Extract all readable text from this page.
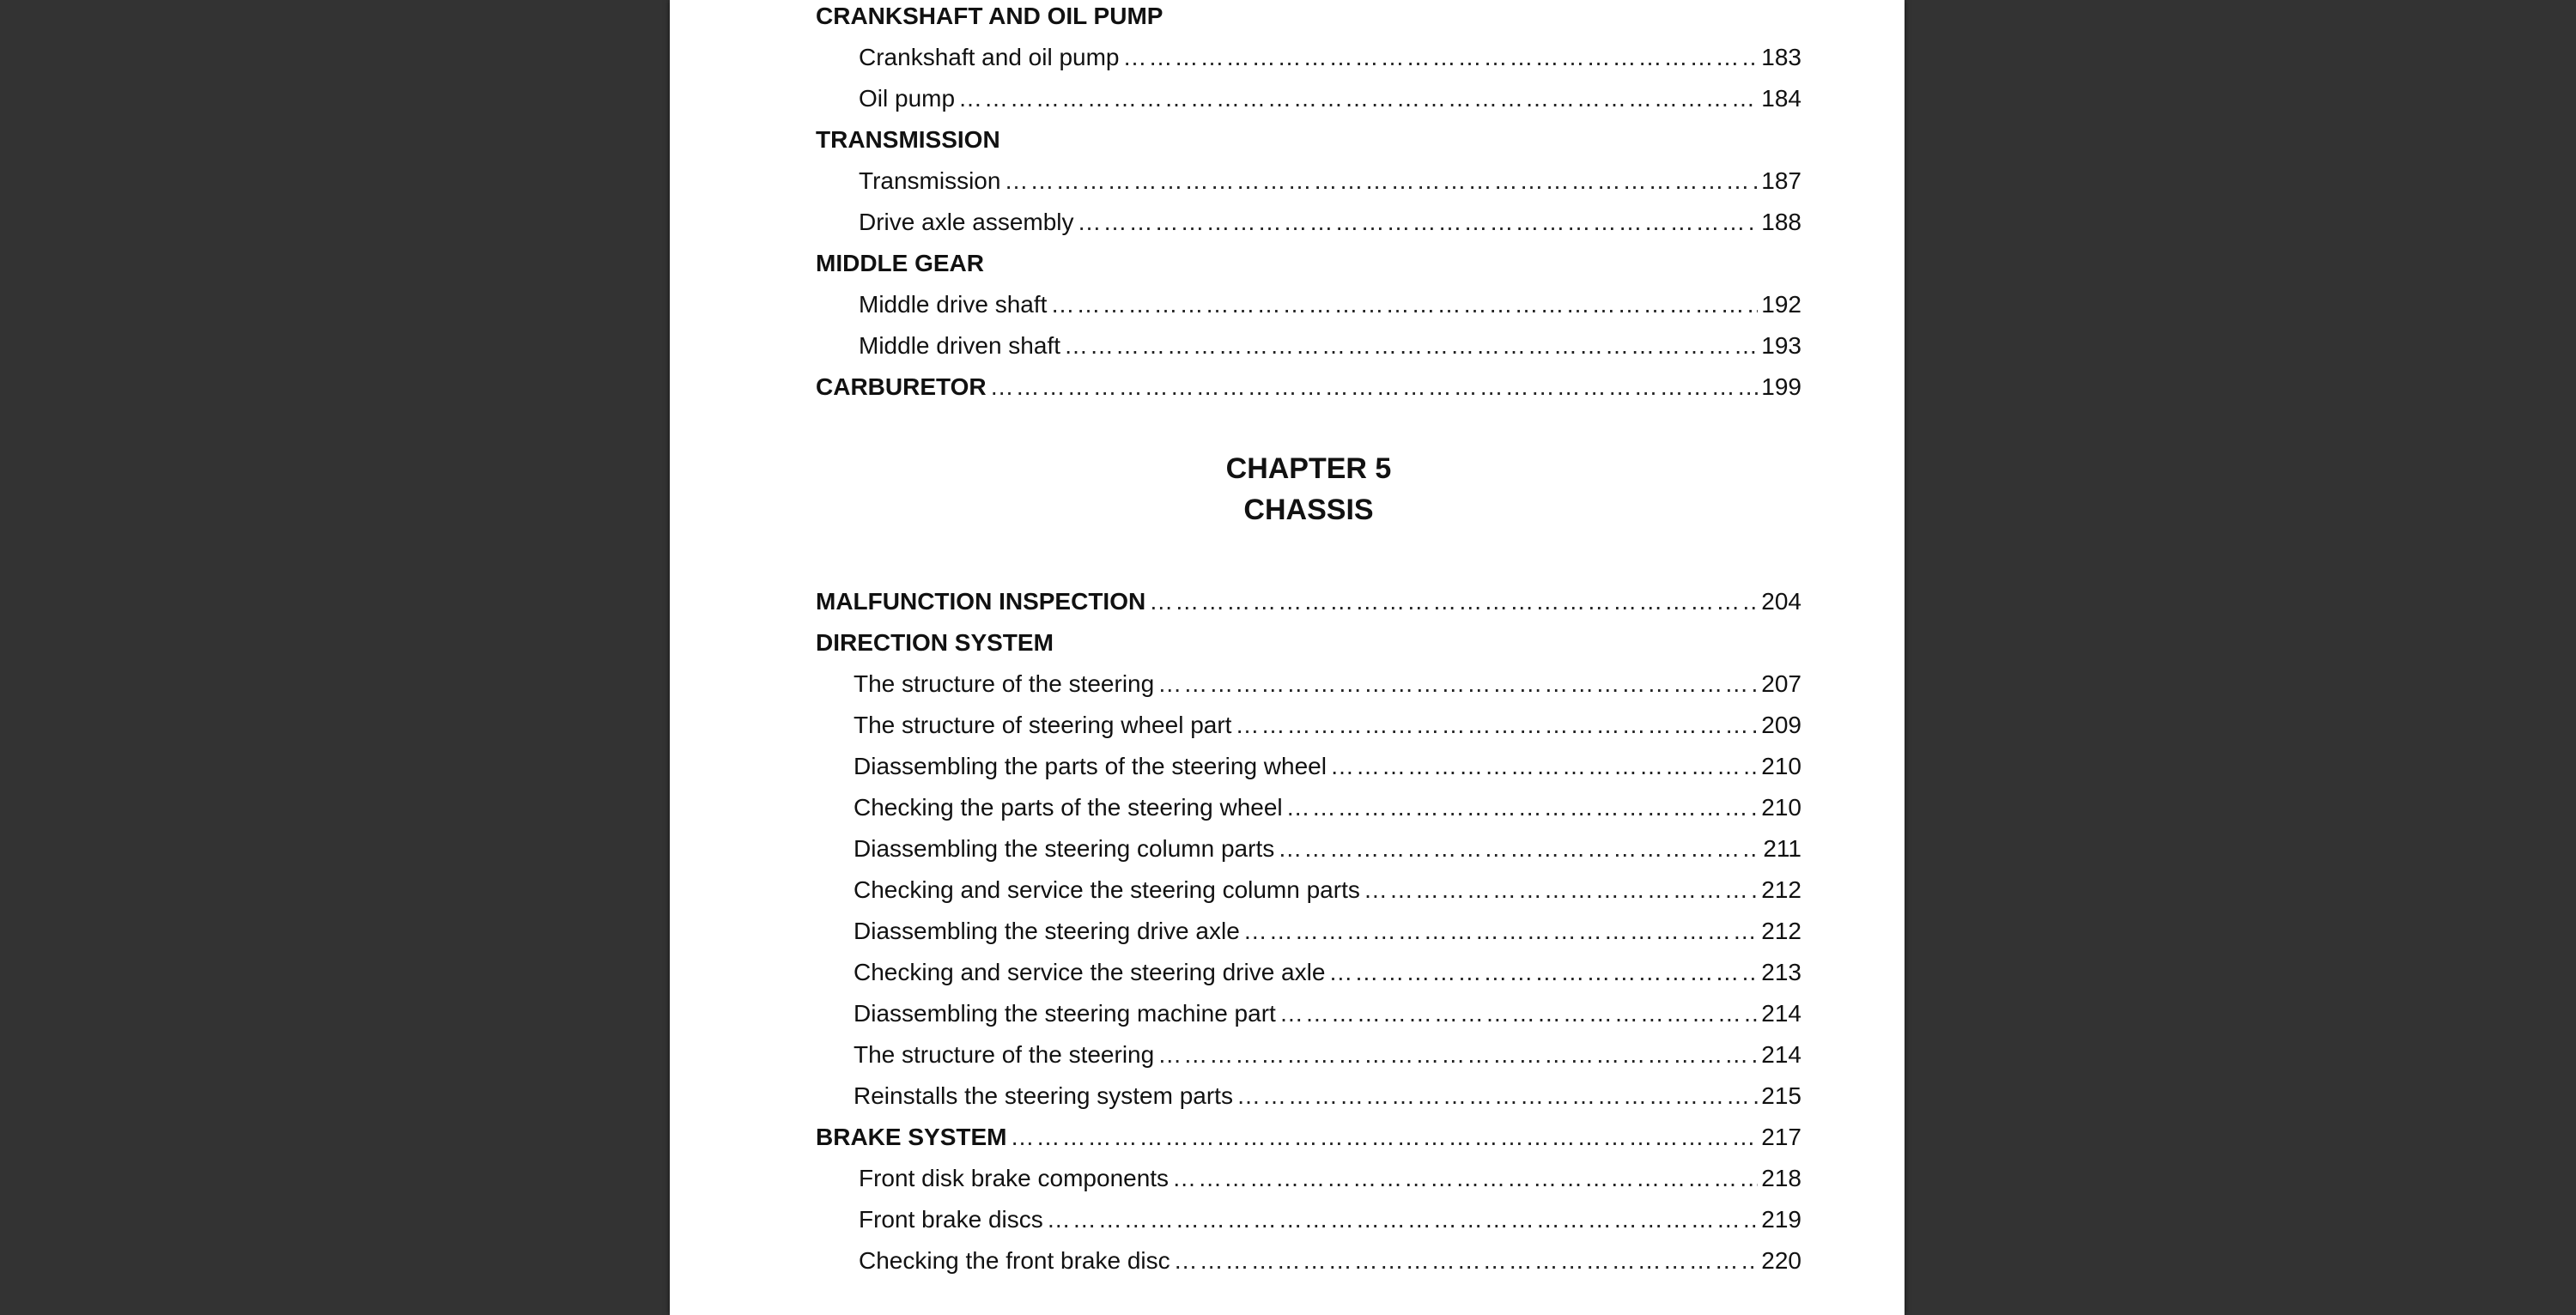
CRANKSHAFT AND OIL PUMP
Crankshaft and oil pump …………………………………………………………………………………………………………………………………………………………………………………………………………………………………………………………………………………………	183
Oil pump …………………………………………………………………………………………………………………………………………………………………………………………………………………………………………………………………………………………	184
TRANSMISSION
Transmission …………………………………………………………………………………………………………………………………………………………………………………………………………………………………………………………………………………………	187
Drive axle assembly …………………………………………………………………………………………………………………………………………………………………………………………………………………………………………………………………………………………	188
MIDDLE GEAR
Middle drive shaft …………………………………………………………………………………………………………………………………………………………………………………………………………………………………………………………………………………………	192
Middle driven shaft …………………………………………………………………………………………………………………………………………………………………………………………………………………………………………………………………………………………	193
CARBURETOR …………………………………………………………………………………………………………………………………………………………………………………………………………………………………………………………………………………………	199
CHAPTER 5
CHASSIS
MALFUNCTION INSPECTION …………………………………………………………………………………………………………………………………………………………………………………………………………………………………………………………………………………………	204
DIRECTION SYSTEM
The structure of the steering …………………………………………………………………………………………………………………………………………………………………………………………………………………………………………………………………………………………	207
The structure of steering wheel part …………………………………………………………………………………………………………………………………………………………………………………………………………………………………………………………………………………………	209
Diassembling the parts of the steering wheel …………………………………………………………………………………………………………………………………………………………………………………………………………………………………………………………………………………………	210
Checking the parts of the steering wheel …………………………………………………………………………………………………………………………………………………………………………………………………………………………………………………………………………………………	210
Diassembling the steering column parts …………………………………………………………………………………………………………………………………………………………………………………………………………………………………………………………………………………………	211
Checking and service the steering column parts …………………………………………………………………………………………………………………………………………………………………………………………………………………………………………………………………………………………	212
Diassembling the steering drive axle …………………………………………………………………………………………………………………………………………………………………………………………………………………………………………………………………………………………	212
Checking and service the steering drive axle …………………………………………………………………………………………………………………………………………………………………………………………………………………………………………………………………………………………	213
Diassembling the steering machine part …………………………………………………………………………………………………………………………………………………………………………………………………………………………………………………………………………………………	214
The structure of the steering …………………………………………………………………………………………………………………………………………………………………………………………………………………………………………………………………………………………	214
Reinstalls the steering system parts …………………………………………………………………………………………………………………………………………………………………………………………………………………………………………………………………………………………	215
BRAKE SYSTEM …………………………………………………………………………………………………………………………………………………………………………………………………………………………………………………………………………………………	217
Front disk brake components …………………………………………………………………………………………………………………………………………………………………………………………………………………………………………………………………………………………	218
Front brake discs …………………………………………………………………………………………………………………………………………………………………………………………………………………………………………………………………………………………	219
Checking the front brake disc …………………………………………………………………………………………………………………………………………………………………………………………………………………………………………………………………………………………	220
